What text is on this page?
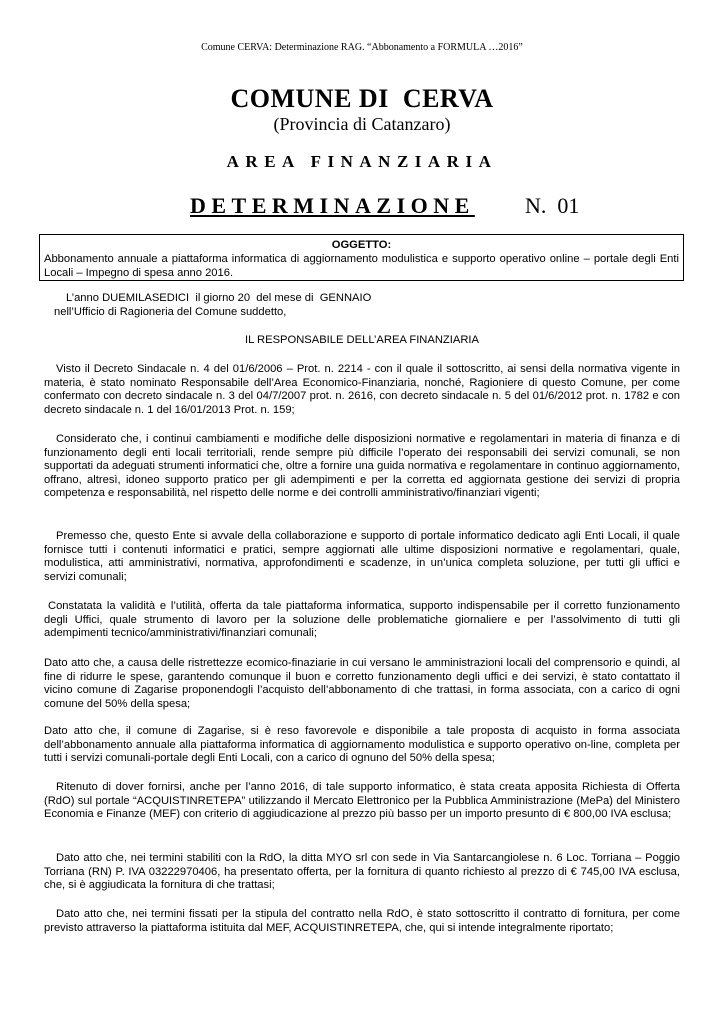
Comune CERVA: Determinazione RAG. “Abbonamento a FORMULA …2016”
COMUNE DI  CERVA
(Provincia di Catanzaro)
AREA FINANZIARIA
DETERMINAZIONE N.  01
OGGETTO:
Abbonamento annuale a piattaforma informatica di aggiornamento modulistica e supporto operativo online – portale degli Enti Locali – Impegno di spesa anno 2016.

L’anno DUEMILASEDICI  il giorno 20  del mese di  GENNAIO

nell’Ufficio di Ragioneria del Comune suddetto,

IL RESPONSABILE DELL’AREA FINANZIARIA

Visto il Decreto Sindacale n. 4 del 01/6/2006 – Prot. n. 2214 - con il quale il sottoscritto, ai sensi della normativa vigente in materia, è stato nominato Responsabile dell’Area Economico-Finanziaria, nonché, Ragioniere di questo Comune, per come confermato con decreto sindacale n. 3 del 04/7/2007 prot. n. 2616, con decreto sindacale n. 5 del 01/6/2012 prot. n. 1782 e con decreto sindacale n. 1 del 16/01/2013 Prot. n. 159;

Considerato che, i continui cambiamenti e modifiche delle disposizioni normative e regolamentari in materia di finanza e di funzionamento degli enti locali territoriali, rende sempre più difficile l’operato dei responsabili dei servizi comunali, se non supportati da adeguati strumenti informatici che, oltre a fornire una guida normativa e regolamentare in continuo aggiornamento, offrano, altresì, idoneo supporto pratico per gli adempimenti e per la corretta ed aggiornata gestione dei servizi di propria competenza e responsabilità, nel rispetto delle norme e dei controlli amministrativo/finanziari vigenti;

Premesso che, questo Ente si avvale della collaborazione e supporto di portale informatico dedicato agli Enti Locali, il quale fornisce tutti i contenuti informatici e pratici, sempre aggiornati alle ultime disposizioni normative e regolamentari, quale, modulistica, atti amministrativi, normativa, approfondimenti e scadenze, in un’unica completa soluzione, per tutti gli uffici e servizi comunali;

Constatata la validità e l’utilità, offerta da tale piattaforma informatica, supporto indispensabile per il corretto funzionamento degli Uffici, quale strumento di lavoro per la soluzione delle problematiche giornaliere e per l’assolvimento di tutti gli adempimenti tecnico/amministrativi/finanziari comunali;

Dato atto che, a causa delle ristrettezze ecomico-finaziarie in cui versano le amministrazioni locali del comprensorio e quindi, al fine di ridurre le spese, garantendo comunque il buon e corretto funzionamento degli uffici e dei servizi, è stato contattato il vicino comune di Zagarise proponendogli l’acquisto dell’abbonamento di che trattasi, in forma associata, con a carico di ogni comune del 50% della spesa;

Dato atto che, il comune di Zagarise, si è reso favorevole e disponibile a tale proposta di acquisto in forma associata dell’abbonamento annuale alla piattaforma informatica di aggiornamento modulistica e supporto operativo on-line, completa per tutti i servizi comunali-portale degli Enti Locali, con a carico di ognuno del 50% della spesa;

Ritenuto di dover fornirsi, anche per l’anno 2016, di tale supporto informatico, è stata creata apposita Richiesta di Offerta (RdO) sul portale “ACQUISTINRETEPA” utilizzando il Mercato Elettronico per la Pubblica Amministrazione (MePa) del Ministero Economia e Finanze (MEF) con criterio di aggiudicazione al prezzo più basso per un importo presunto di € 800,00 IVA esclusa;

Dato atto che, nei termini stabiliti con la RdO, la ditta MYO srl con sede in Via Santarcangiolese n. 6 Loc. Torriana – Poggio Torriana (RN) P. IVA 03222970406, ha presentato offerta, per la fornitura di quanto richiesto al prezzo di € 745,00 IVA esclusa, che, si è aggiudicata la fornitura di che trattasi;

Dato atto che, nei termini fissati per la stipula del contratto nella RdO, è stato sottoscritto il contratto di fornitura, per come previsto attraverso la piattaforma istituita dal MEF, ACQUISTINRETEPA, che, qui si intende integralmente riportato;
